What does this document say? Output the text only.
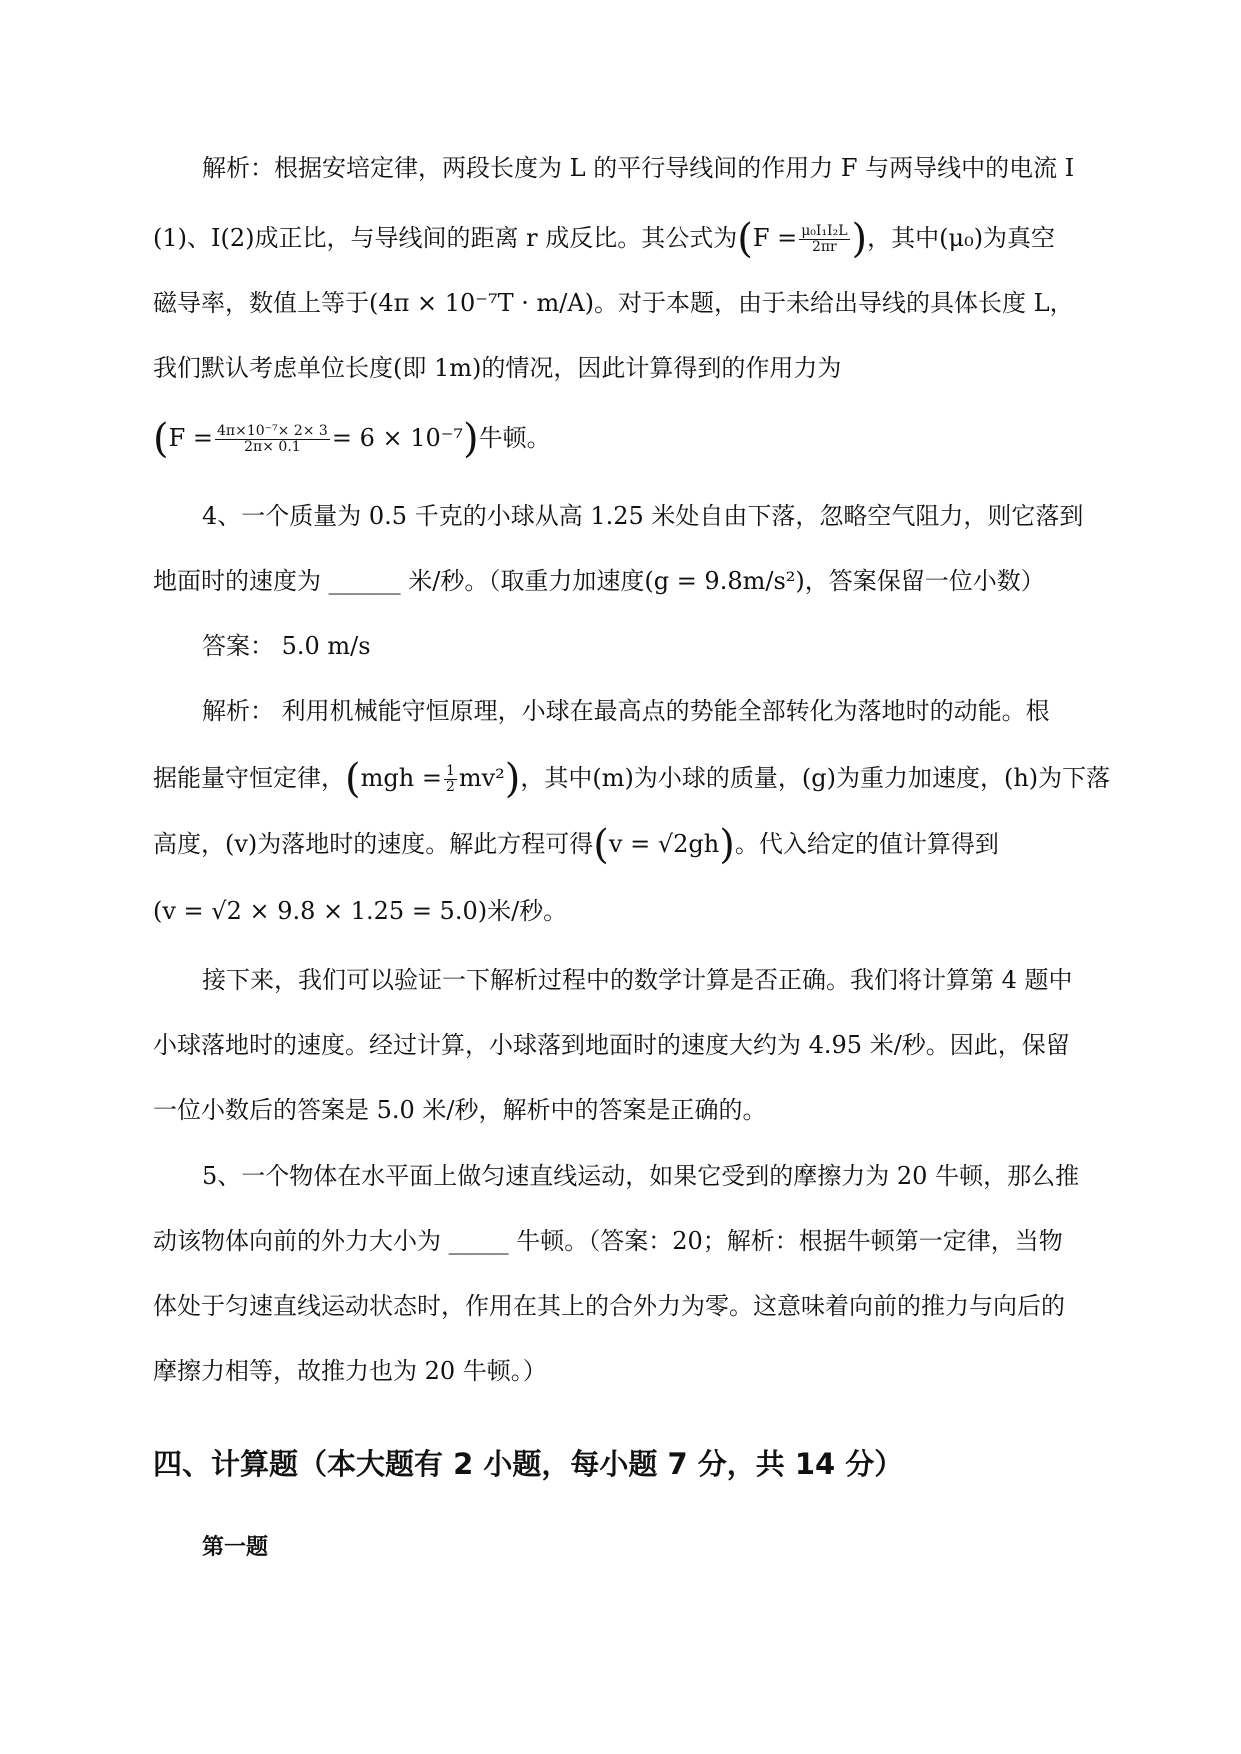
解析：根据安培定律，两段长度为 L 的平行导线间的作用力 F 与两导线中的电流 I
(1)、I(2)成正比，与导线间的距离 r 成反比。其公式为($F = \frac{\text{μ₀I₁I₂L}}{2\pi r}$ )，其中(μ₀)为真空
磁导率，数值上等于(4π × 10⁻⁷T · m/A)。对于本题，由于未给出导线的具体长度 L，
我们默认考虑单位长度(即 1m)的情况，因此计算得到的作用力为
$(F = \frac{\text{4π×10⁻⁷× 2× 3}}{2\pi\times 0.1} = 6 \times 10^{-7})$牛顿。
4、一个质量为 0.5 千克的小球从高 1.25 米处自由下落，忽略空气阻力，则它落到
地面时的速度为 ______ 米/秒。（取重力加速度(g = 9.8m/s²)，答案保留一位小数）
答案： 5.0 m/s
解析： 利用机械能守恒原理，小球在最高点的势能全部转化为落地时的动能。根
据能量守恒定律，$(mgh = \frac{1}{2} mv^2)$，其中(m)为小球的质量，(g)为重力加速度，(h)为下落
高度，(v)为落地时的速度。解此方程可得(v = √2gh)。代入给定的值计算得到
(v = √2 × 9.8 × 1.25 = 5.0)米/秒。
接下来，我们可以验证一下解析过程中的数学计算是否正确。我们将计算第 4 题中
小球落地时的速度。经过计算，小球落到地面时的速度大约为 4.95 米/秒。因此，保留
一位小数后的答案是 5.0 米/秒，解析中的答案是正确的。
5、一个物体在水平面上做匀速直线运动，如果它受到的摩擦力为 20 牛顿，那么推
动该物体向前的外力大小为 _____ 牛顿。（答案：20；解析：根据牛顿第一定律，当物
体处于匀速直线运动状态时，作用在其上的合外力为零。这意味着向前的推力与向后的
摩擦力相等，故推力也为 20 牛顿。）
四、计算题（本大题有 2 小题，每小题 7 分，共 14 分）
第一题
